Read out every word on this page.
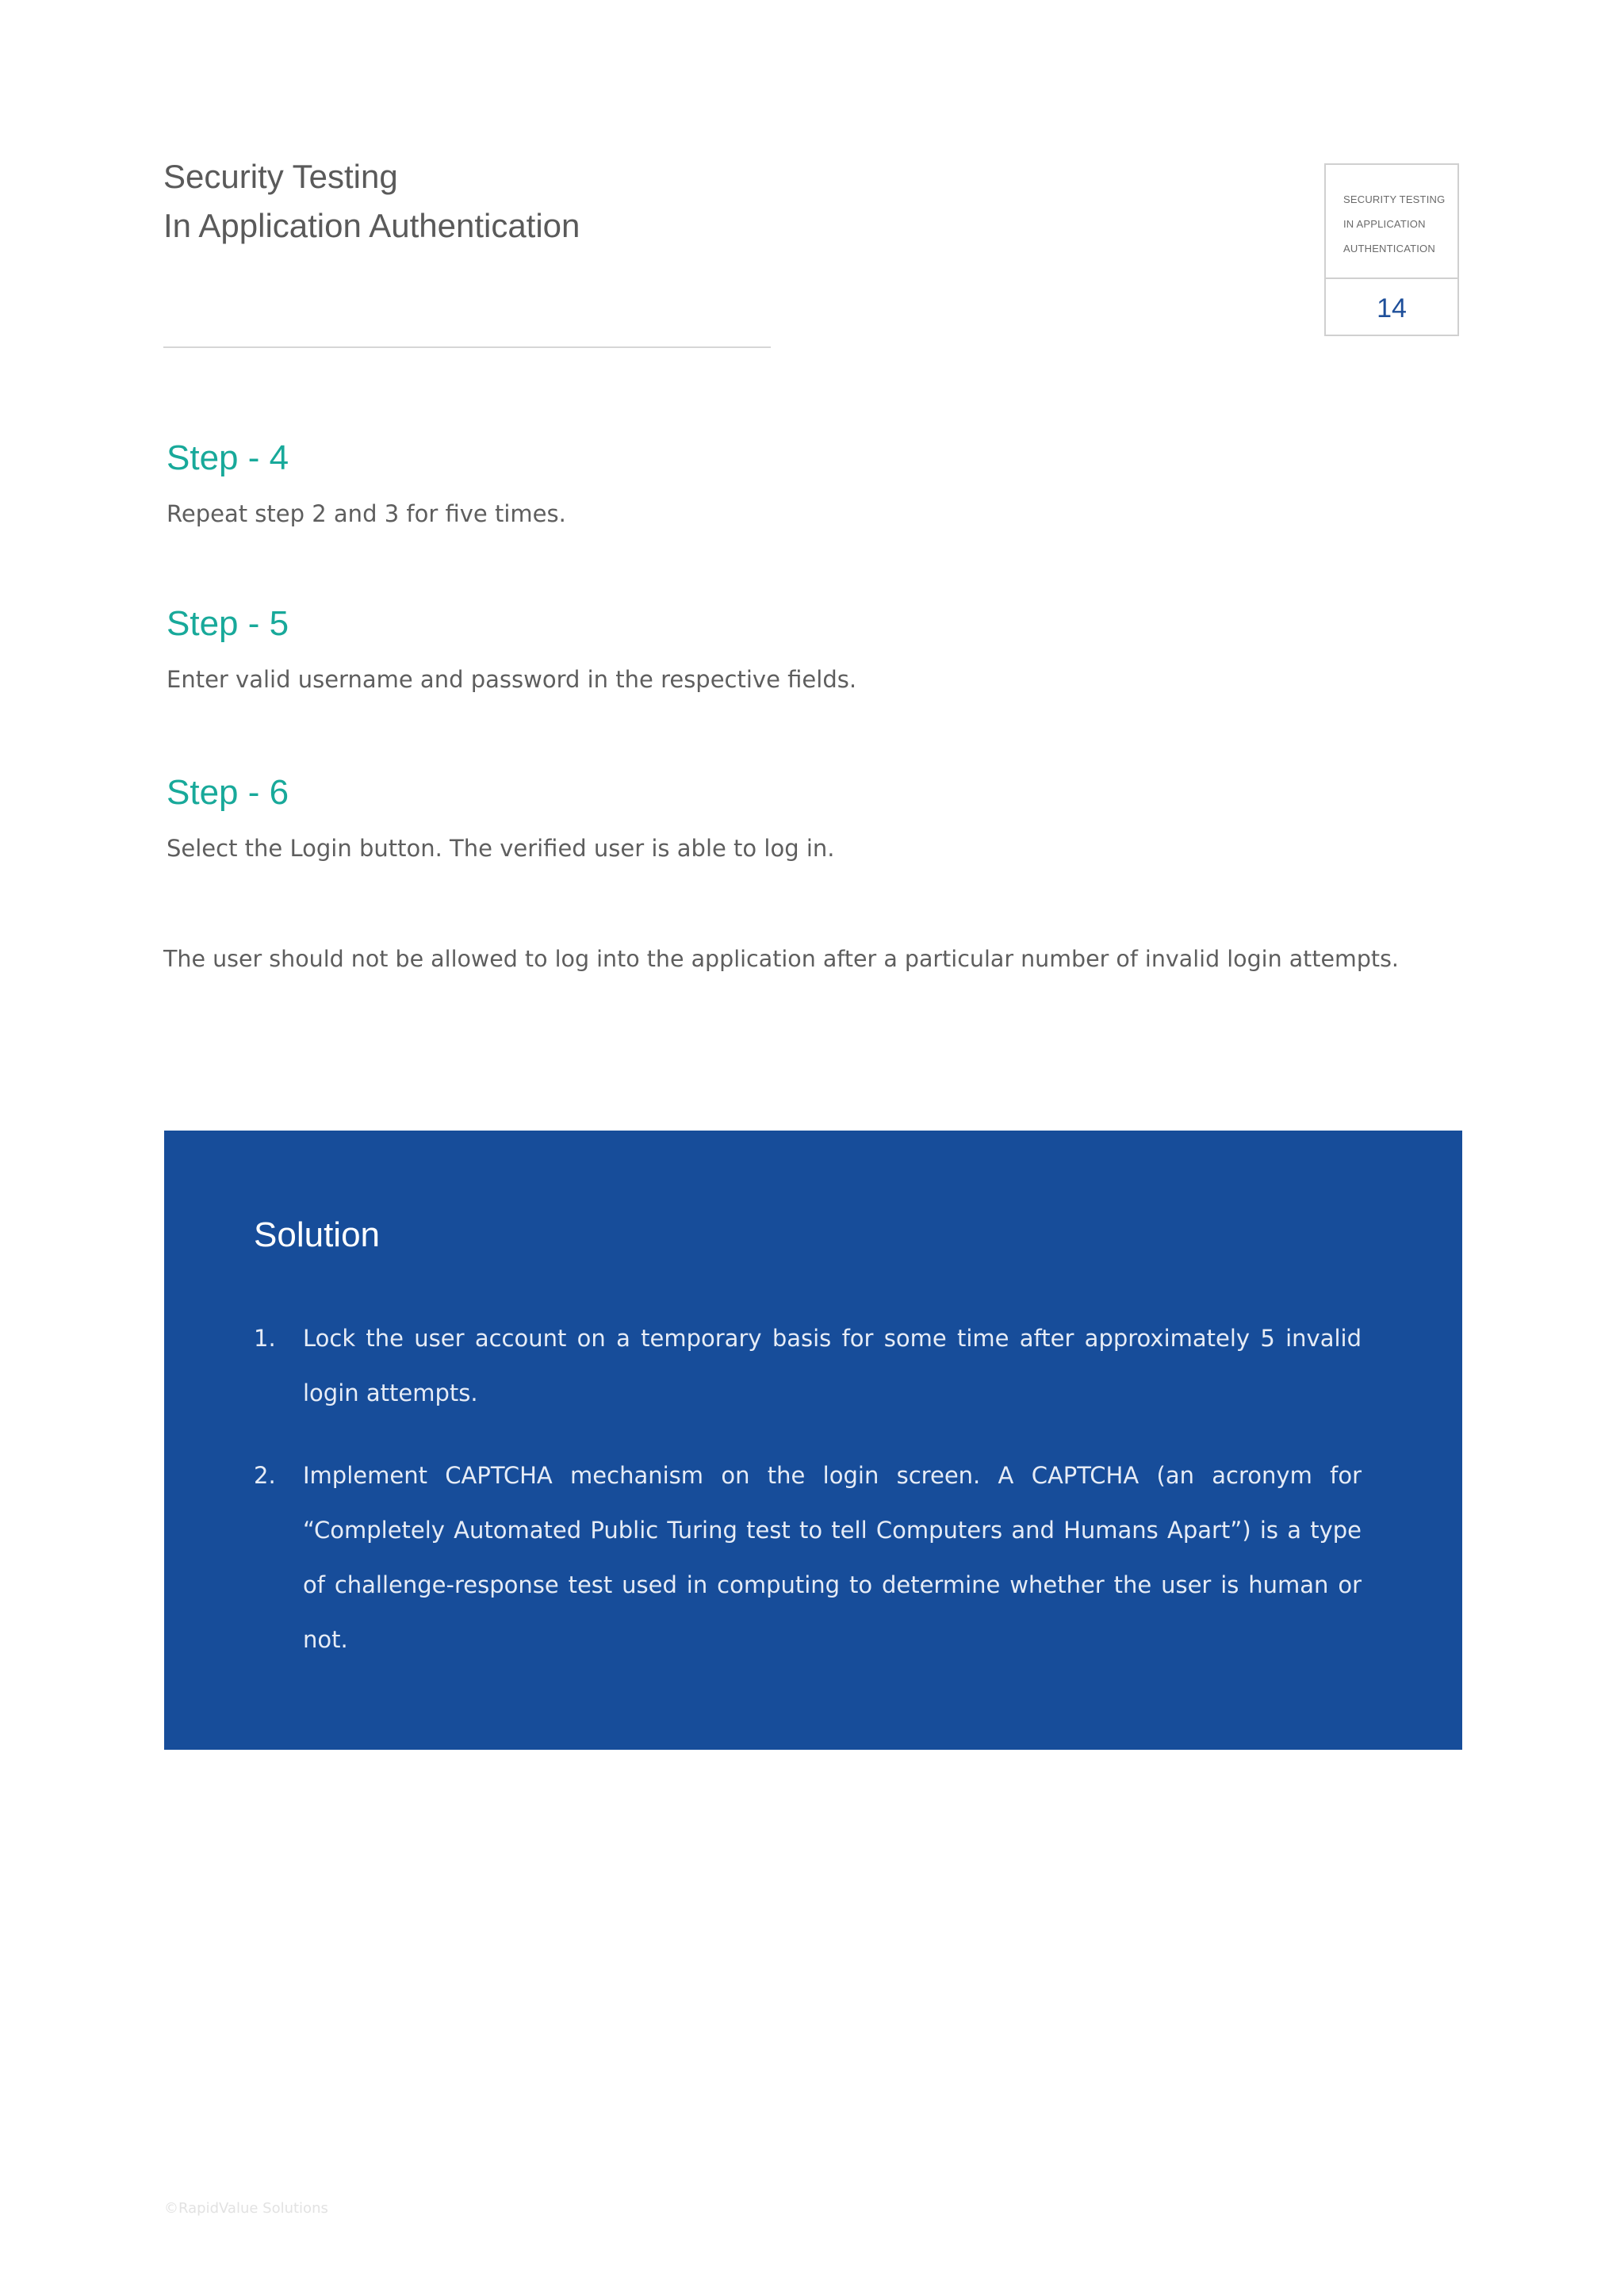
Security Testing
In Application Authentication
SECURITY TESTING
IN APPLICATION
AUTHENTICATION
14
Step - 4

Repeat step 2 and 3 for five times.

Step - 5

Enter valid username and password in the respective fields.

Step - 6

Select the Login button. The verified user is able to log in.

The user should not be allowed to log into the application after a particular number of invalid login attempts.

Solution
1. Lock the user account on a temporary basis for some time after approximately 5 invalid login attempts.
2. Implement CAPTCHA mechanism on the login screen. A CAPTCHA (an acronym for “Completely Automated Public Turing test to tell Computers and Humans Apart”) is a type of challenge-response test used in computing to determine whether the user is human or not.
©RapidValue Solutions
